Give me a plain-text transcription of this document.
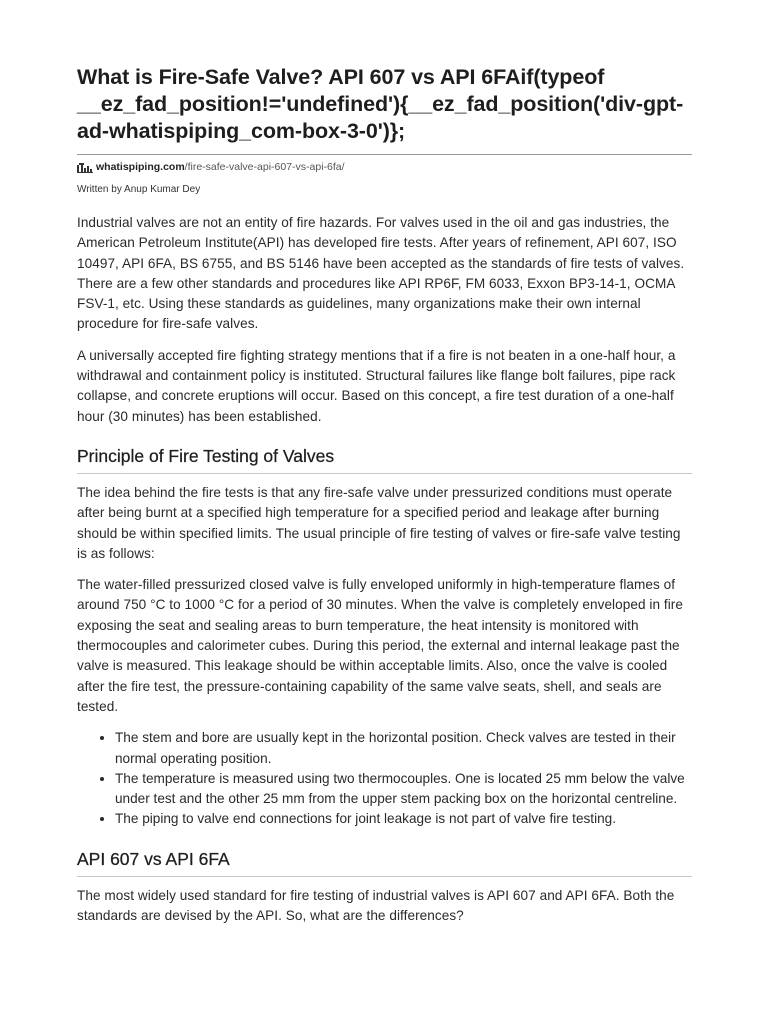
What is Fire-Safe Valve? API 607 vs API 6FAif(typeof __ez_fad_position!='undefined'){__ez_fad_position('div-gpt-ad-whatispiping_com-box-3-0')};
whatispiping.com /fire-safe-valve-api-607-vs-api-6fa/
Written by Anup Kumar Dey

Industrial valves are not an entity of fire hazards. For valves used in the oil and gas industries, the American Petroleum Institute(API) has developed fire tests. After years of refinement, API 607, ISO 10497, API 6FA, BS 6755, and BS 5146 have been accepted as the standards of fire tests of valves. There are a few other standards and procedures like API RP6F, FM 6033, Exxon BP3-14-1, OCMA FSV-1, etc. Using these standards as guidelines, many organizations make their own internal procedure for fire-safe valves.

A universally accepted fire fighting strategy mentions that if a fire is not beaten in a one-half hour, a withdrawal and containment policy is instituted. Structural failures like flange bolt failures, pipe rack collapse, and concrete eruptions will occur. Based on this concept, a fire test duration of a one-half hour (30 minutes) has been established.

Principle of Fire Testing of Valves

The idea behind the fire tests is that any fire-safe valve under pressurized conditions must operate after being burnt at a specified high temperature for a specified period and leakage after burning should be within specified limits. The usual principle of fire testing of valves or fire-safe valve testing is as follows:

The water-filled pressurized closed valve is fully enveloped uniformly in high-temperature flames of around 750 °C to 1000 °C for a period of 30 minutes. When the valve is completely enveloped in fire exposing the seat and sealing areas to burn temperature, the heat intensity is monitored with thermocouples and calorimeter cubes. During this period, the external and internal leakage past the valve is measured. This leakage should be within acceptable limits. Also, once the valve is cooled after the fire test, the pressure-containing capability of the same valve seats, shell, and seals are tested.

• The stem and bore are usually kept in the horizontal position. Check valves are tested in their normal operating position.
• The temperature is measured using two thermocouples. One is located 25 mm below the valve under test and the other 25 mm from the upper stem packing box on the horizontal centreline.
• The piping to valve end connections for joint leakage is not part of valve fire testing.
API 607 vs API 6FA

The most widely used standard for fire testing of industrial valves is API 607 and API 6FA. Both the standards are devised by the API. So, what are the differences?
